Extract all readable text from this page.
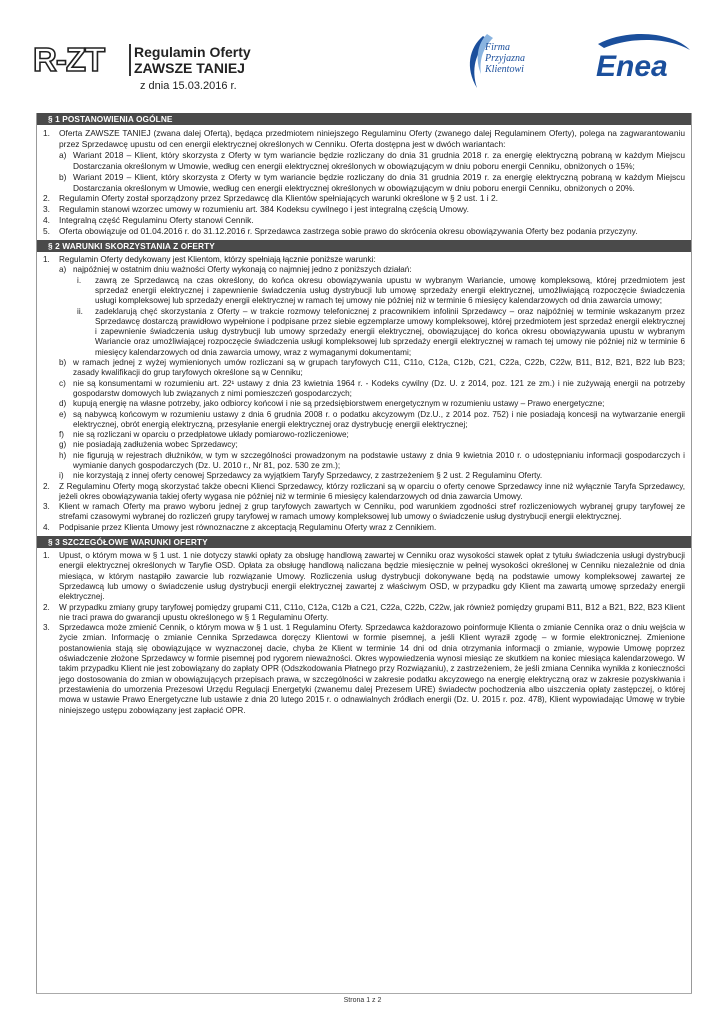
R-ZT Regulamin Oferty
ZAWSZE TANIEJ
z dnia 15.03.2016 r.
Firma
Przyjazna
Klientowi Enea
§ 1 POSTANOWIENIA OGÓLNE
1.	Oferta ZAWSZE TANIEJ (zwana dalej Ofertą), będąca przedmiotem niniejszego Regulaminu Oferty (zwanego dalej Regulaminem Oferty), polega na zagwarantowaniu przez Sprzedawcę upustu od cen energii elektrycznej określonych w Cenniku. Oferta dostępna jest w dwóch wariantach:
a) Wariant 2018 – Klient, który skorzysta z Oferty w tym wariancie będzie rozliczany do dnia 31 grudnia 2018 r. za energię elektryczną pobraną w każdym Miejscu Dostarczania określonym w Umowie, według cen energii elektrycznej określonych w obowiązującym w dniu poboru energii Cenniku, obniżonych o 15%;
b) Wariant 2019 – Klient, który skorzysta z Oferty w tym wariancie będzie rozliczany do dnia 31 grudnia 2019 r. za energię elektryczną pobraną w każdym Miejscu Dostarczania określonym w Umowie, według cen energii elektrycznej określonych w obowiązującym w dniu poboru energii Cenniku, obniżonych o 20%.
2.	Regulamin Oferty został sporządzony przez Sprzedawcę dla Klientów spełniających warunki określone w § 2 ust. 1 i 2.
3.	Regulamin stanowi wzorzec umowy w rozumieniu art. 384 Kodeksu cywilnego i jest integralną częścią Umowy.
4.	Integralną część Regulaminu Oferty stanowi Cennik.
5.	Oferta obowiązuje od 01.04.2016 r. do 31.12.2016 r. Sprzedawca zastrzega sobie prawo do skrócenia okresu obowiązywania Oferty bez podania przyczyny.
§ 2 WARUNKI SKORZYSTANIA Z OFERTY
1.	Regulamin Oferty dedykowany jest Klientom, którzy spełniają łącznie poniższe warunki:
a) najpóźniej w ostatnim dniu ważności Oferty wykonają co najmniej jedno z poniższych działań:
i.	zawrą ze Sprzedawcą na czas określony, do końca okresu obowiązywania upustu w wybranym Wariancie, umowę kompleksową, której przedmiotem jest sprzedaż energii elektrycznej i zapewnienie świadczenia usług dystrybucji lub umowę sprzedaży energii elektrycznej, umożliwiającą rozpoczęcie świadczenia usługi kompleksowej lub sprzedaży energii elektrycznej w ramach tej umowy nie później niż w terminie 6 miesięcy kalendarzowych od dnia zawarcia umowy;
ii.	zadeklarują chęć skorzystania z Oferty – w trakcie rozmowy telefonicznej z pracownikiem infolinii Sprzedawcy – oraz najpóźniej w terminie wskazanym przez Sprzedawcę dostarczą prawidłowo wypełnione i podpisane przez siebie egzemplarze umowy kompleksowej, której przedmiotem jest sprzedaż energii elektrycznej i zapewnienie świadczenia usług dystrybucji lub umowy sprzedaży energii elektrycznej, obowiązującej do końca okresu obowiązywania upustu w wybranym Wariancie oraz umożliwiającej rozpoczęcie świadczenia usługi kompleksowej lub sprzedaży energii elektrycznej w ramach tej umowy nie później niż w terminie 6 miesięcy kalendarzowych od dnia zawarcia umowy, wraz z wymaganymi dokumentami;
b) w ramach jednej z wyżej wymienionych umów rozliczani są w grupach taryfowych C11, C11o, C12a, C12b, C21, C22a, C22b, C22w, B11, B12, B21, B22 lub B23; zasady kwalifikacji do grup taryfowych określone są w Cenniku;
c) nie są konsumentami w rozumieniu art. 22¹ ustawy z dnia 23 kwietnia 1964 r. - Kodeks cywilny (Dz. U. z 2014, poz. 121 ze zm.) i nie zużywają energii na potrzeby gospodarstw domowych lub związanych z nimi pomieszczeń gospodarczych;
d) kupują energię na własne potrzeby, jako odbiorcy końcowi i nie są przedsiębiorstwem energetycznym w rozumieniu ustawy – Prawo energetyczne;
e) są nabywcą końcowym w rozumieniu ustawy z dnia 6 grudnia 2008 r. o podatku akcyzowym (Dz.U., z 2014 poz. 752) i nie posiadają koncesji na wytwarzanie energii elektrycznej, obrót energią elektryczną, przesyłanie energii elektrycznej oraz dystrybucję energii elektrycznej;
f)	nie są rozliczani w oparciu o przedpłatowe układy pomiarowo-rozliczeniowe;
g) nie posiadają zadłużenia wobec Sprzedawcy;
h) nie figurują w rejestrach dłużników, w tym w szczególności prowadzonym na podstawie ustawy z dnia 9 kwietnia 2010 r. o udostępnianiu informacji gospodarczych i wymianie danych gospodarczych (Dz. U. 2010 r., Nr 81, poz. 530 ze zm.);
i)	nie korzystają z innej oferty cenowej Sprzedawcy za wyjątkiem Taryfy Sprzedawcy, z zastrzeżeniem § 2 ust. 2 Regulaminu Oferty.
2.	Z Regulaminu Oferty mogą skorzystać także obecni Klienci Sprzedawcy, którzy rozliczani są w oparciu o oferty cenowe Sprzedawcy inne niż wyłącznie Taryfa Sprzedawcy, jeżeli okres obowiązywania takiej oferty wygasa nie później niż w terminie 6 miesięcy kalendarzowych od dnia zawarcia Umowy.
3.	Klient w ramach Oferty ma prawo wyboru jednej z grup taryfowych zawartych w Cenniku, pod warunkiem zgodności stref rozliczeniowych wybranej grupy taryfowej ze strefami czasowymi wybranej do rozliczeń grupy taryfowej w ramach umowy kompleksowej lub umowy o świadczenie usług dystrybucji energii elektrycznej.
4.	Podpisanie przez Klienta Umowy jest równoznaczne z akceptacją Regulaminu Oferty wraz z Cennikiem.
§ 3 SZCZEGÓŁOWE WARUNKI OFERTY
1.	Upust, o którym mowa w § 1 ust. 1 nie dotyczy stawki opłaty za obsługę handlową zawartej w Cenniku oraz wysokości stawek opłat z tytułu świadczenia usługi dystrybucji energii elektrycznej określonych w Taryfie OSD. Opłata za obsługę handlową naliczana będzie miesięcznie w pełnej wysokości określonej w Cenniku niezależnie od dnia miesiąca, w którym nastąpiło zawarcie lub rozwiązanie Umowy. Rozliczenia usług dystrybucji dokonywane będą na podstawie umowy kompleksowej zawartej ze Sprzedawcą lub umowy o świadczenie usług dystrybucji energii elektrycznej zawartej z właściwym OSD, w przypadku gdy Klient ma zawartą umowę sprzedaży energii elektrycznej.
2.	W przypadku zmiany grupy taryfowej pomiędzy grupami C11, C11o, C12a, C12b a C21, C22a, C22b, C22w, jak również pomiędzy grupami B11, B12 a B21, B22, B23 Klient nie traci prawa do gwarancji upustu określonego w § 1 Regulaminu Oferty.
3.	Sprzedawca może zmienić Cennik, o którym mowa w § 1 ust. 1 Regulaminu Oferty. Sprzedawca każdorazowo poinformuje Klienta o zmianie Cennika oraz o dniu wejścia w życie zmian. Informację o zmianie Cennika Sprzedawca doręczy Klientowi w formie pisemnej, a jeśli Klient wyraził zgodę – w formie elektronicznej. Zmienione postanowienia stają się obowiązujące w wyznaczonej dacie, chyba że Klient w terminie 14 dni od dnia otrzymania informacji o zmianie, wypowie Umowę poprzez oświadczenie złożone Sprzedawcy w formie pisemnej pod rygorem nieważności. Okres wypowiedzenia wynosi miesiąc ze skutkiem na koniec miesiąca kalendarzowego. W takim przypadku Klient nie jest zobowiązany do zapłaty OPR (Odszkodowania Płatnego przy Rozwiązaniu), z zastrzeżeniem, że jeśli zmiana Cennika wynikła z konieczności jego dostosowania do zmian w obowiązujących przepisach prawa, w szczególności w zakresie podatku akcyzowego na energię elektryczną oraz w zakresie pozyskiwania i przestawienia do umorzenia Prezesowi Urzędu Regulacji Energetyki (zwanemu dalej Prezesem URE) świadectw pochodzenia albo uiszczenia opłaty zastępczej, o której mowa w ustawie Prawo Energetyczne lub ustawie z dnia 20 lutego 2015 r. o odnawialnych źródłach energii (Dz. U. 2015 r. poz. 478), Klient wypowiadając Umowę w trybie niniejszego ustępu zobowiązany jest zapłacić OPR.
Strona 1 z 2
